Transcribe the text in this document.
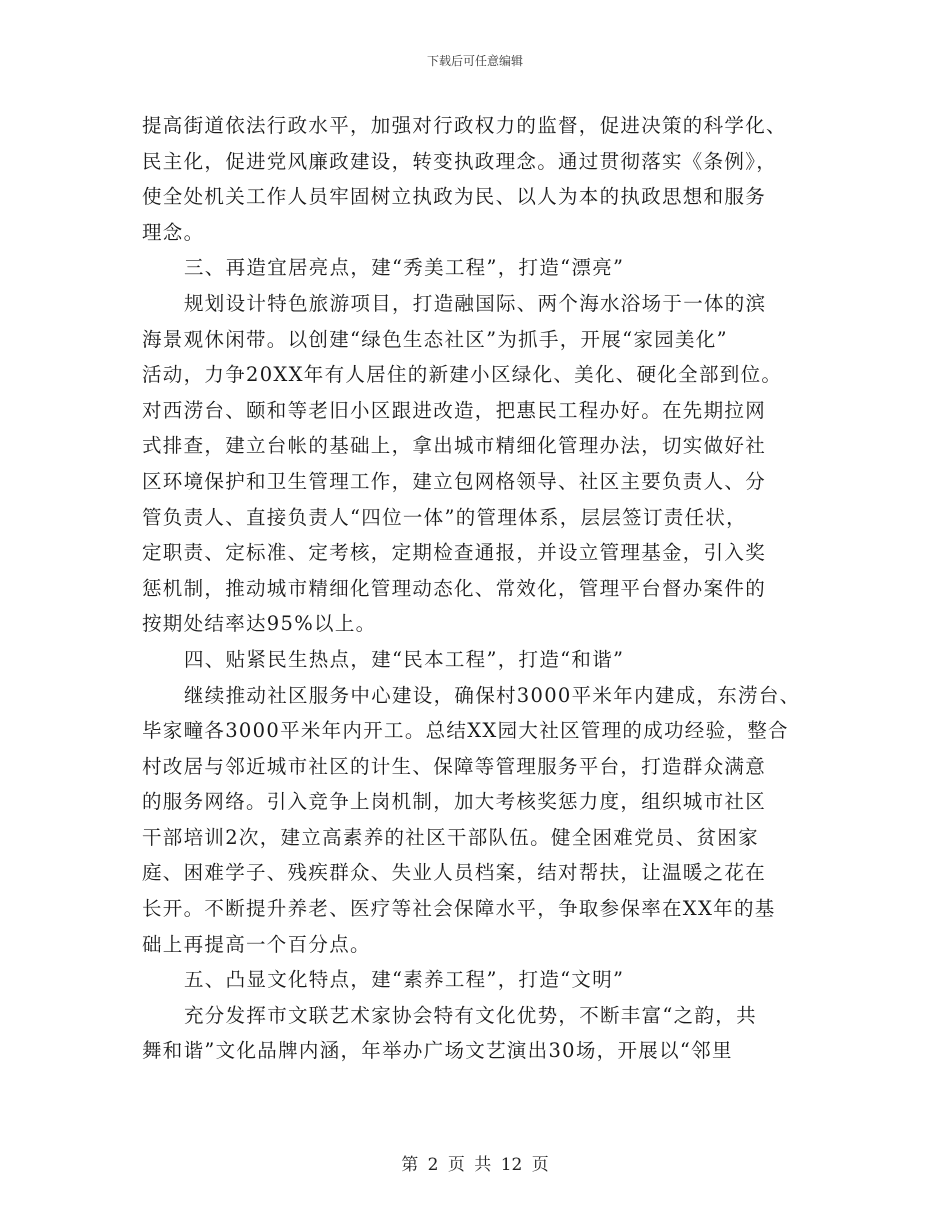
下载后可任意编辑
提高街道依法行政水平，加强对行政权力的监督，促进决策的科学化、
民主化，促进党风廉政建设，转变执政理念。通过贯彻落实《条例》，
使全处机关工作人员牢固树立执政为民、以人为本的执政思想和服务
理念。
三、再造宜居亮点，建“秀美工程”，打造“漂亮”
规划设计特色旅游项目，打造融国际、两个海水浴场于一体的滨
海景观休闲带。以创建“绿色生态社区”为抓手，开展“家园美化”
活动，力争20XX年有人居住的新建小区绿化、美化、硬化全部到位。
对西涝台、颐和等老旧小区跟进改造，把惠民工程办好。在先期拉网
式排查，建立台帐的基础上，拿出城市精细化管理办法，切实做好社
区环境保护和卫生管理工作，建立包网格领导、社区主要负责人、分
管负责人、直接负责人“四位一体”的管理体系，层层签订责任状，
定职责、定标准、定考核，定期检查通报，并设立管理基金，引入奖
惩机制，推动城市精细化管理动态化、常效化，管理平台督办案件的
按期处结率达95%以上。
四、贴紧民生热点，建“民本工程”，打造“和谐”
继续推动社区服务中心建设，确保村3000平米年内建成，东涝台、
毕家疃各3000平米年内开工。总结XX园大社区管理的成功经验，整合
村改居与邻近城市社区的计生、保障等管理服务平台，打造群众满意
的服务网络。引入竞争上岗机制，加大考核奖惩力度，组织城市社区
干部培训2次，建立高素养的社区干部队伍。健全困难党员、贫困家
庭、困难学子、残疾群众、失业人员档案，结对帮扶，让温暖之花在
长开。不断提升养老、医疗等社会保障水平，争取参保率在XX年的基
础上再提高一个百分点。
五、凸显文化特点，建“素养工程”，打造“文明”
充分发挥市文联艺术家协会特有文化优势，不断丰富“之韵，共
舞和谐”文化品牌内涵，年举办广场文艺演出30场，开展以“邻里
第 2 页 共 12 页
